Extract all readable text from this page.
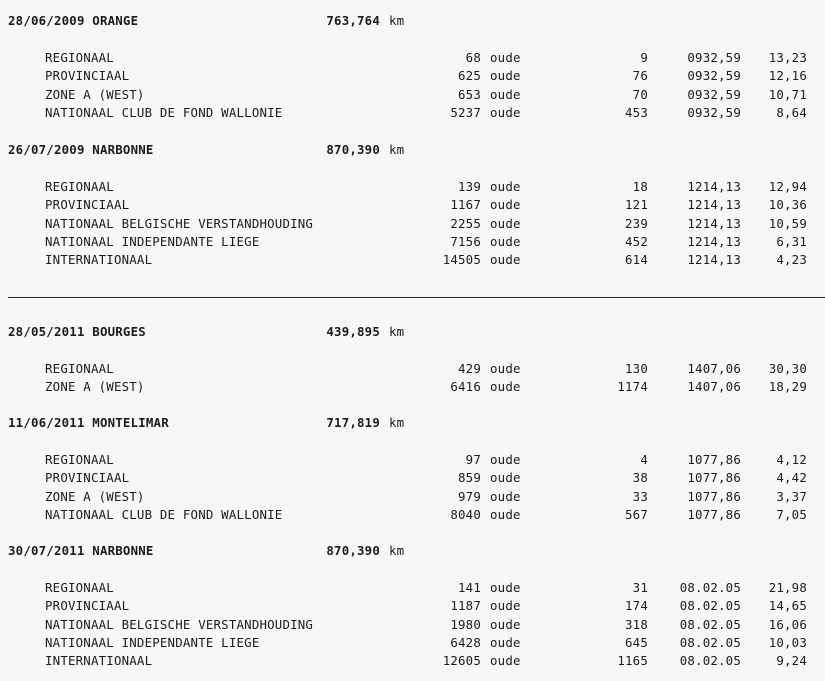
28/06/2009 ORANGE	763,764 km
REGIONAAL	68 oude	9	0932,59	13,23
PROVINCIAAL	625 oude	76	0932,59	12,16
ZONE A (WEST)	653 oude	70	0932,59	10,71
NATIONAAL CLUB DE FOND WALLONIE	5237 oude	453	0932,59	8,64
26/07/2009 NARBONNE	870,390 km
REGIONAAL	139 oude	18	1214,13	12,94
PROVINCIAAL	1167 oude	121	1214,13	10,36
NATIONAAL BELGISCHE VERSTANDHOUDING	2255 oude	239	1214,13	10,59
NATIONAAL INDEPENDANTE LIEGE	7156 oude	452	1214,13	6,31
INTERNATIONAAL	14505 oude	614	1214,13	4,23
28/05/2011 BOURGES	439,895 km
REGIONAAL	429 oude	130	1407,06	30,30
ZONE A (WEST)	6416 oude	1174	1407,06	18,29
11/06/2011 MONTELIMAR	717,819 km
REGIONAAL	97 oude	4	1077,86	4,12
PROVINCIAAL	859 oude	38	1077,86	4,42
ZONE A (WEST)	979 oude	33	1077,86	3,37
NATIONAAL CLUB DE FOND WALLONIE	8040 oude	567	1077,86	7,05
30/07/2011 NARBONNE	870,390 km
REGIONAAL	141 oude	31	08.02.05	21,98
PROVINCIAAL	1187 oude	174	08.02.05	14,65
NATIONAAL BELGISCHE VERSTANDHOUDING	1980 oude	318	08.02.05	16,06
NATIONAAL INDEPENDANTE LIEGE	6428 oude	645	08.02.05	10,03
INTERNATIONAAL	12605 oude	1165	08.02.05	9,24
